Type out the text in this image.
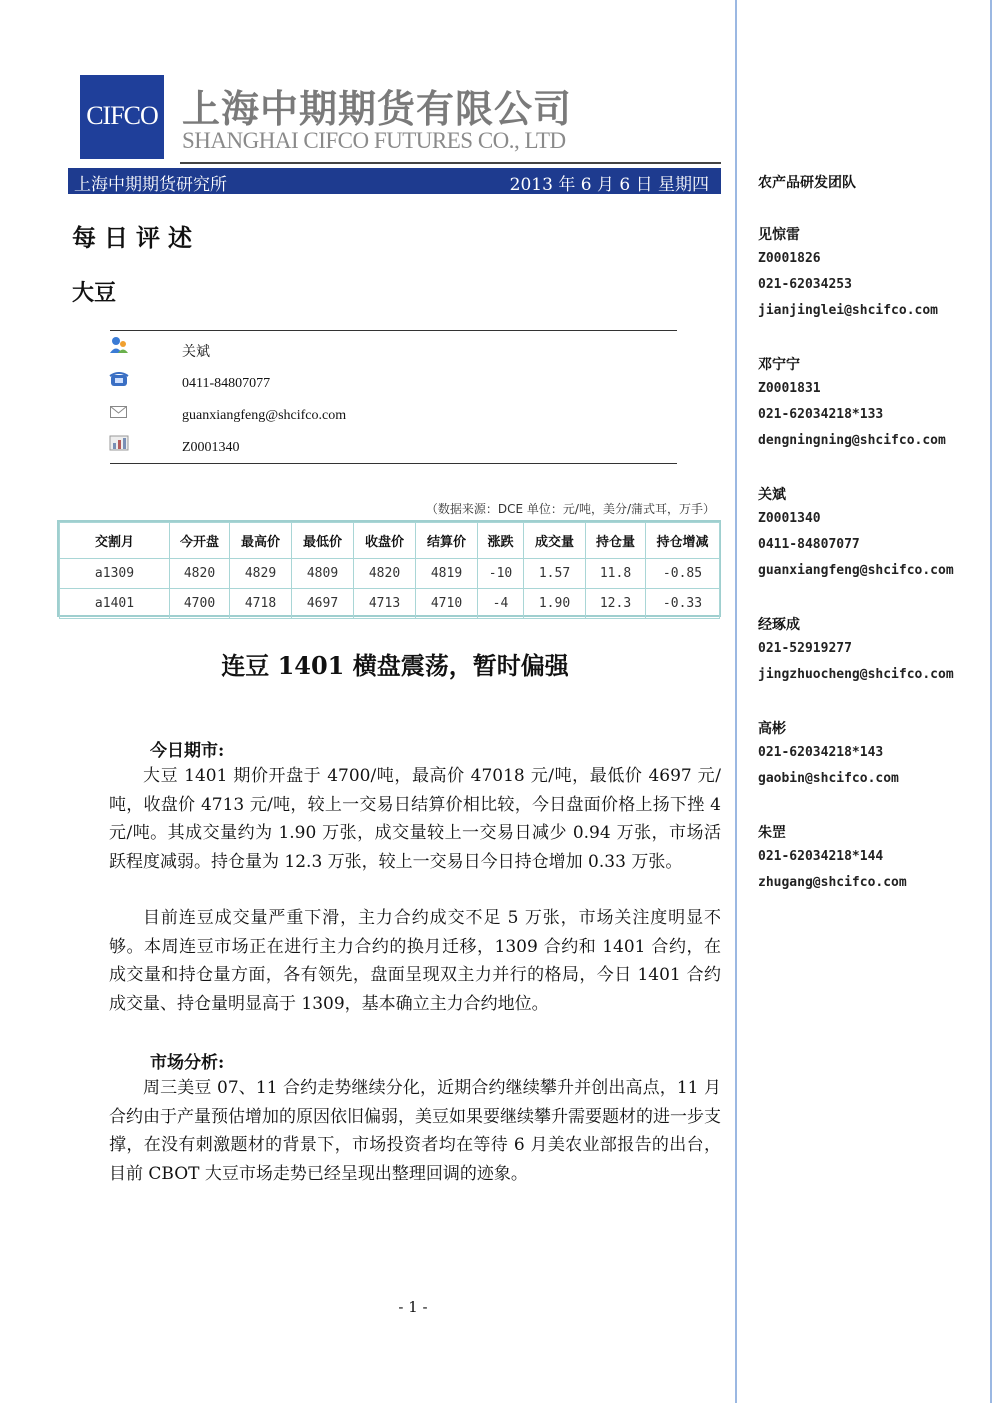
CIFCO 上海中期期货有限公司
SHANGHAI CIFCO FUTURES CO., LTD
上海中期期货研究所	2013 年 6 月 6 日 星期四
每日评述
大豆
关斌
0411-84807077
guanxiangfeng@shcifco.com
Z0001340
（数据来源：DCE 单位：元/吨，美分/蒲式耳，万手）
交割月	今开盘	最高价	最低价	收盘价	结算价	涨跌	成交量	持仓量	持仓增减
a1309	4820	4829	4809	4820	4819	-10	1.57	11.8	-0.85
a1401	4700	4718	4697	4713	4710	-4	1.90	12.3	-0.33
连豆 1401 横盘震荡，暂时偏强
今日期市:
大豆 1401 期价开盘于 4700/吨，最高价 47018 元/吨，最低价 4697 元/吨，收盘价 4713 元/吨，较上一交易日结算价相比较，今日盘面价格上扬下挫 4 元/吨。其成交量约为 1.90 万张，成交量较上一交易日减少 0.94 万张，市场活跃程度减弱。持仓量为 12.3 万张，较上一交易日今日持仓增加 0.33 万张。
目前连豆成交量严重下滑，主力合约成交不足 5 万张，市场关注度明显不够。本周连豆市场正在进行主力合约的换月迁移，1309 合约和 1401 合约，在成交量和持仓量方面，各有领先，盘面呈现双主力并行的格局，今日 1401 合约成交量、持仓量明显高于 1309，基本确立主力合约地位。
市场分析:
周三美豆 07、11 合约走势继续分化，近期合约继续攀升并创出高点，11 月合约由于产量预估增加的原因依旧偏弱，美豆如果要继续攀升需要题材的进一步支撑，在没有刺激题材的背景下，市场投资者均在等待 6 月美农业部报告的出台，目前 CBOT 大豆市场走势已经呈现出整理回调的迹象。
- 1 -
农产品研发团队
见惊雷
Z0001826
021-62034253
jianjinglei@shcifco.com
邓宁宁
Z0001831
021-62034218*133
dengningning@shcifco.com
关斌
Z0001340
0411-84807077
guanxiangfeng@shcifco.com
经琢成
021-52919277
jingzhuocheng@shcifco.com
高彬
021-62034218*143
gaobin@shcifco.com
朱罡
021-62034218*144
zhugang@shcifco.com
